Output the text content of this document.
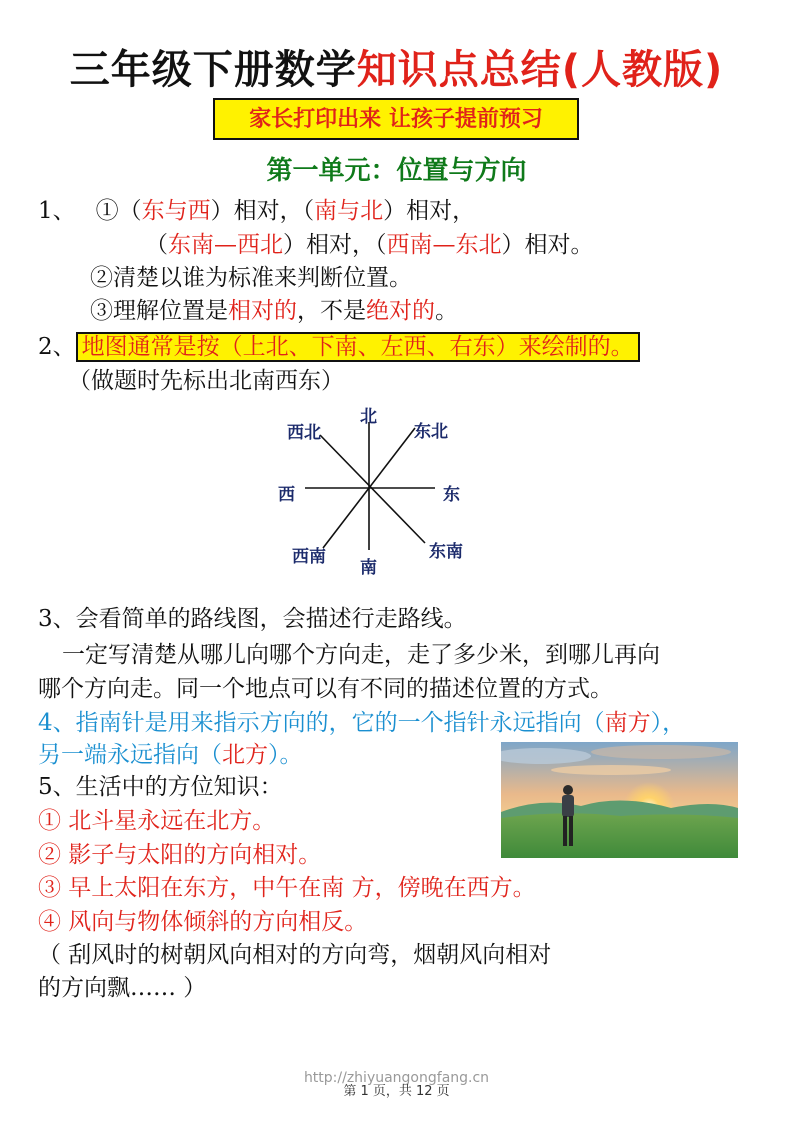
三年级下册数学知识点总结(人教版)
家长打印出来 让孩子提前预习
第一单元：位置与方向
1、 ①（东与西）相对，（南与北）相对，
（东南—西北）相对，（西南—东北）相对。
②清楚以谁为标准来判断位置。
③理解位置是相对的，不是绝对的。
2、 地图通常是按（上北、下南、左西、右东）来绘制的。
（做题时先标出北南西东）
北
东北
东
东南
南
西南
西
西北
3、会看简单的路线图，会描述行走路线。
一定写清楚从哪儿向哪个方向走，走了多少米，到哪儿再向
哪个方向走。同一个地点可以有不同的描述位置的方式。
4、指南针是用来指示方向的，它的一个指针永远指向（南方），
另一端永远指向（北方）。
5、生活中的方位知识：
① 北斗星永远在北方。
② 影子与太阳的方向相对。
③ 早上太阳在东方，中午在南 方，傍晚在西方。
④ 风向与物体倾斜的方向相反。
（ 刮风时的树朝风向相对的方向弯，烟朝风向相对
的方向飘…… ）
http://zhiyuangongfang.cn
第 1 页，共 12 页
